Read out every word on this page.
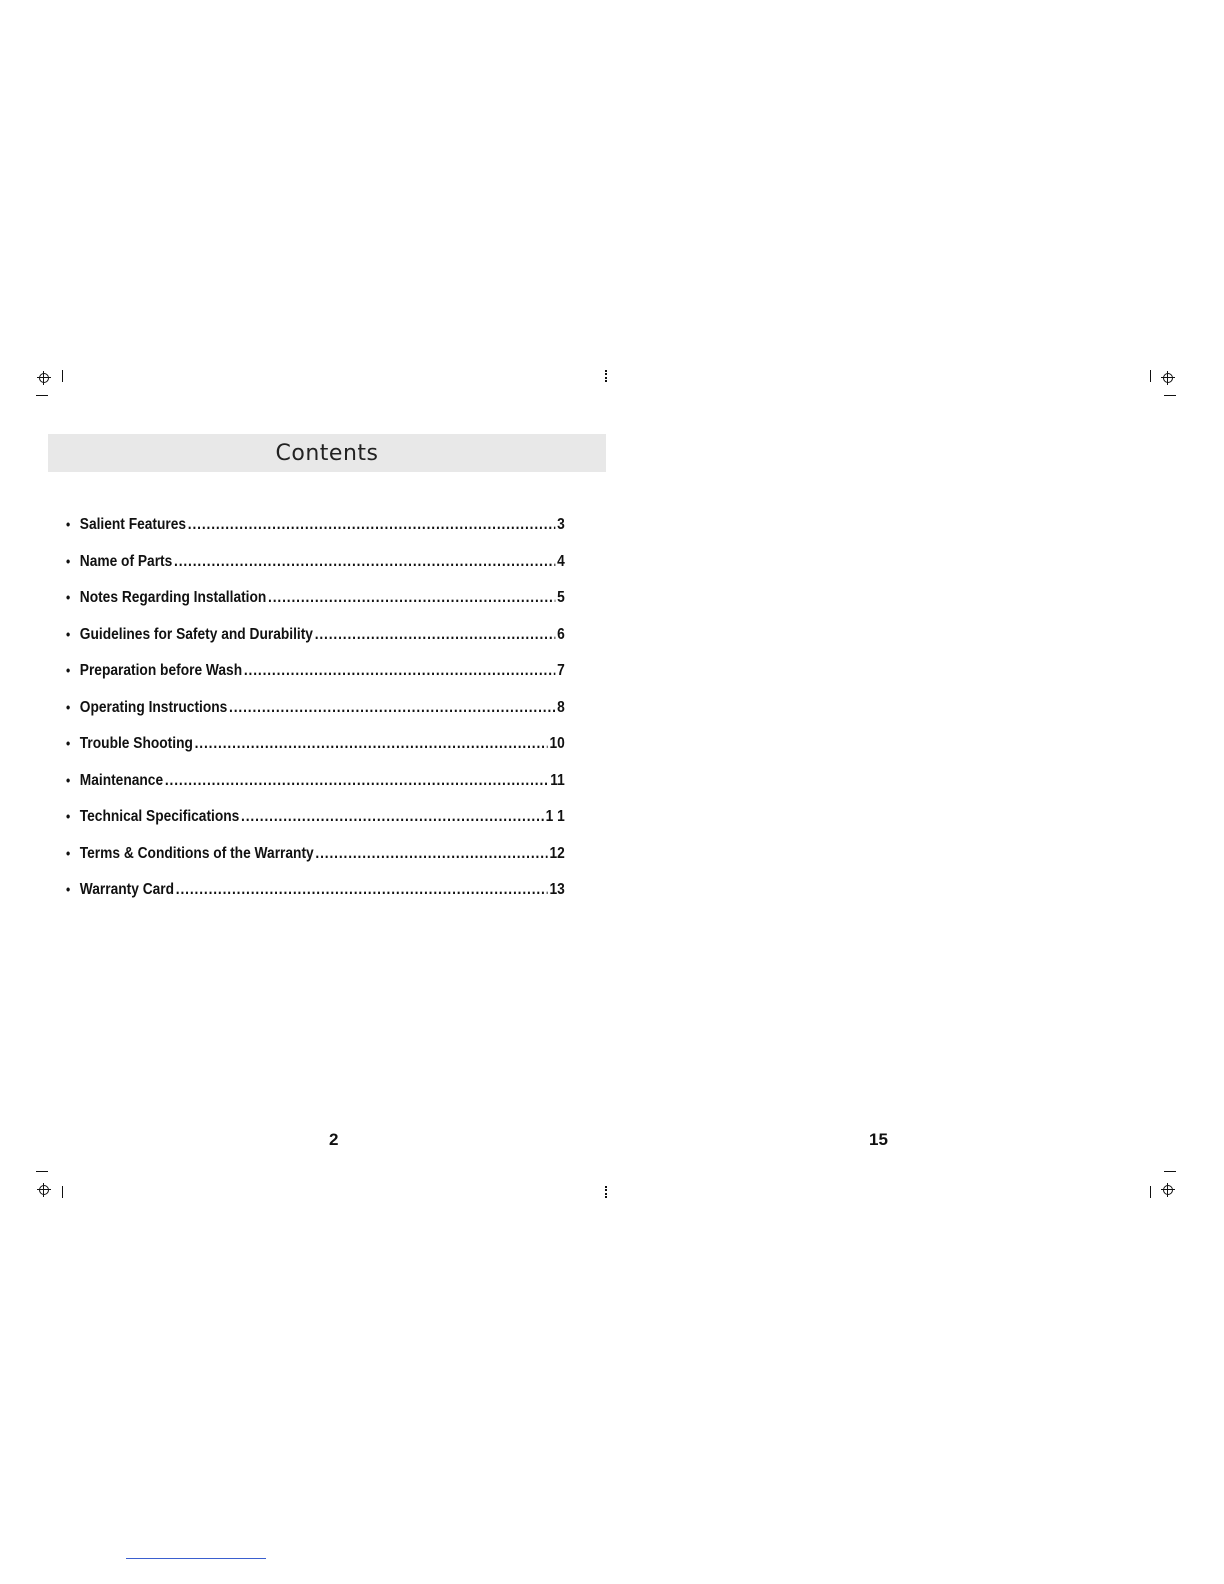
Contents
• Salient Features .....	3
• Name of Parts .....	4
• Notes Regarding Installation .....	5
• Guidelines for Safety and Durability .....	6
• Preparation before Wash .....	7
• Operating Instructions .....	8
• Trouble Shooting .....	10
• Maintenance .....	11
• Technical Specifications .....	1 1
• Terms & Conditions of the Warranty .....	12
• Warranty Card .....	13
2	15
